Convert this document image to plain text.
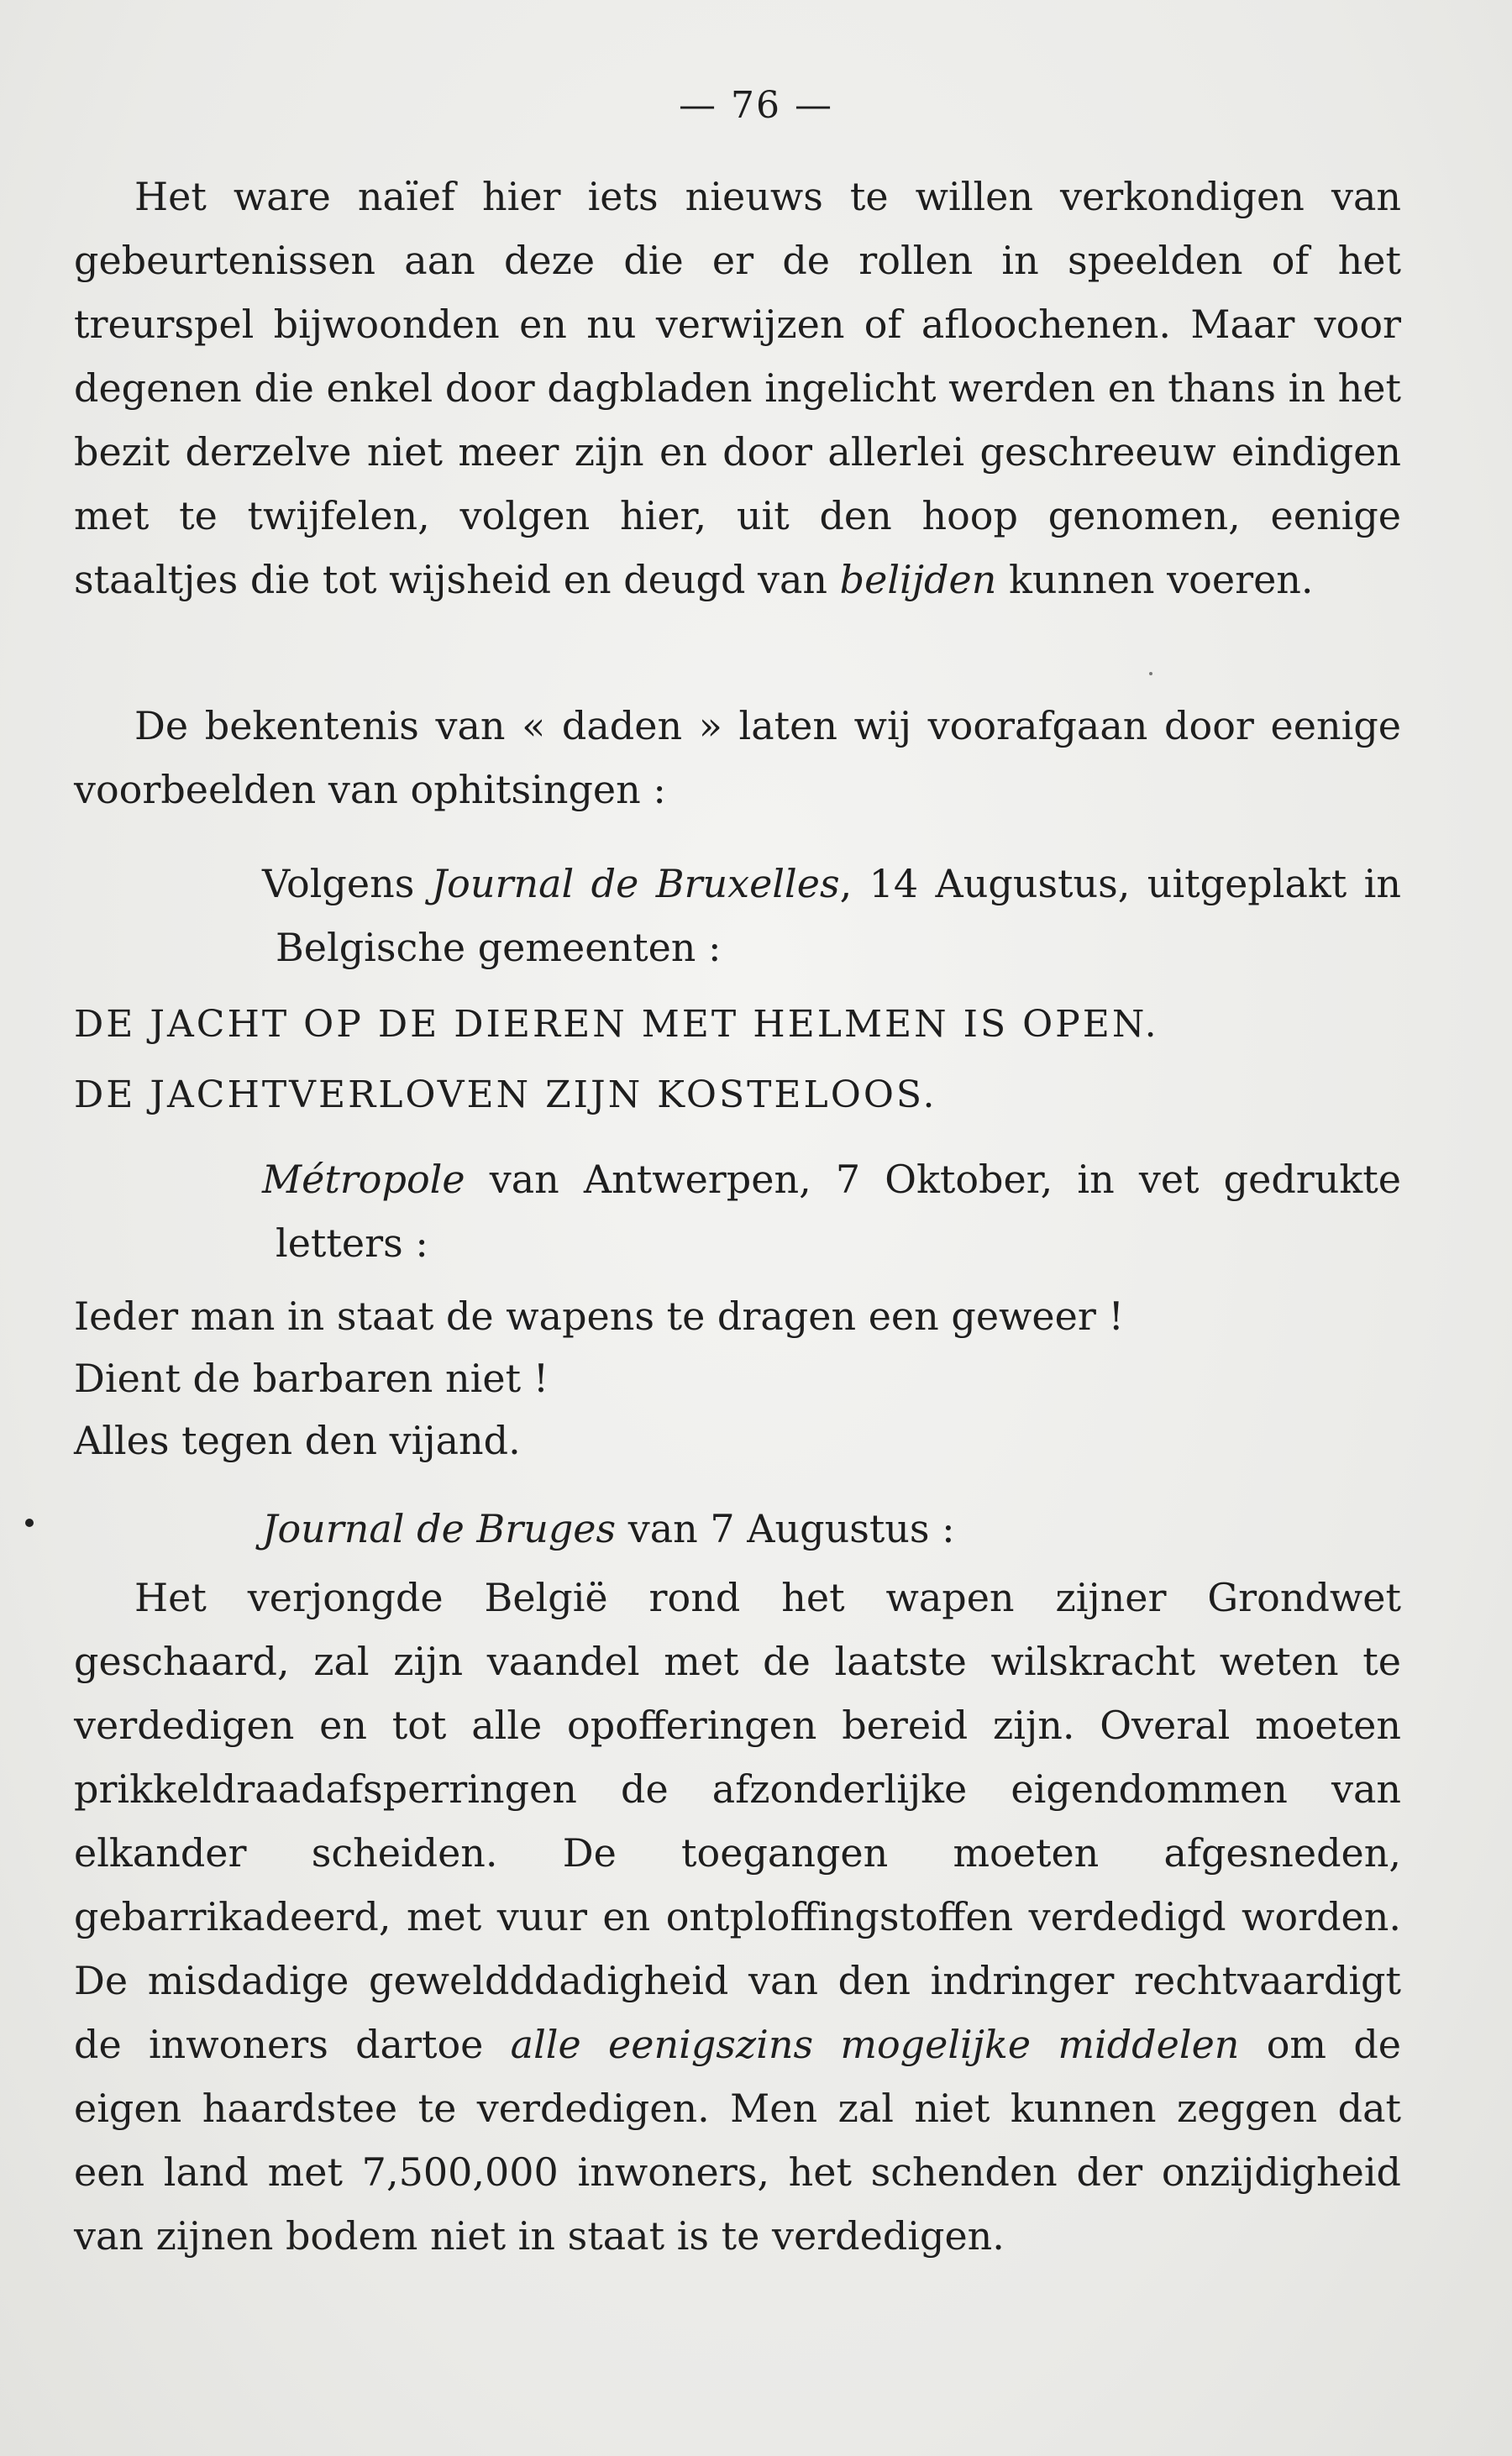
— 76 —

Het ware naïef hier iets nieuws te willen verkondigen van gebeurtenissen aan deze die er de rollen in speelden of het treurspel bijwoonden en nu verwijzen of afloochenen. Maar voor degenen die enkel door dagbladen ingelicht werden en thans in het bezit derzelve niet meer zijn en door allerlei geschreeuw eindigen met te twijfelen, volgen hier, uit den hoop genomen, eenige staaltjes die tot wijsheid en deugd van belijden kunnen voeren.

De bekentenis van « daden » laten wij voorafgaan door eenige voorbeelden van ophitsingen :

Volgens Journal de Bruxelles, 14 Augustus, uitgeplakt in Belgische gemeenten :

DE JACHT OP DE DIEREN MET HELMEN IS OPEN.

DE JACHTVERLOVEN ZIJN KOSTELOOS.

Métropole van Antwerpen, 7 Oktober, in vet gedrukte letters :

Ieder man in staat de wapens te dragen een geweer !

Dient de barbaren niet !

Alles tegen den vijand.

Journal de Bruges van 7 Augustus :

Het verjongde België rond het wapen zijner Grondwet geschaard, zal zijn vaandel met de laatste wilskracht weten te verdedigen en tot alle opofferingen bereid zijn. Overal moeten prikkeldraadafsperringen de afzonderlijke eigendommen van elkander scheiden. De toegangen moeten afgesneden, gebarrikadeerd, met vuur en ontploffingstoffen verdedigd worden. De misdadige geweldddadigheid van den indringer rechtvaardigt de inwoners dartoe alle eenigszins mogelijke middelen om de eigen haardstee te verdedigen. Men zal niet kunnen zeggen dat een land met 7,500,000 inwoners, het schenden der onzijdigheid van zijnen bodem niet in staat is te verdedigen.
